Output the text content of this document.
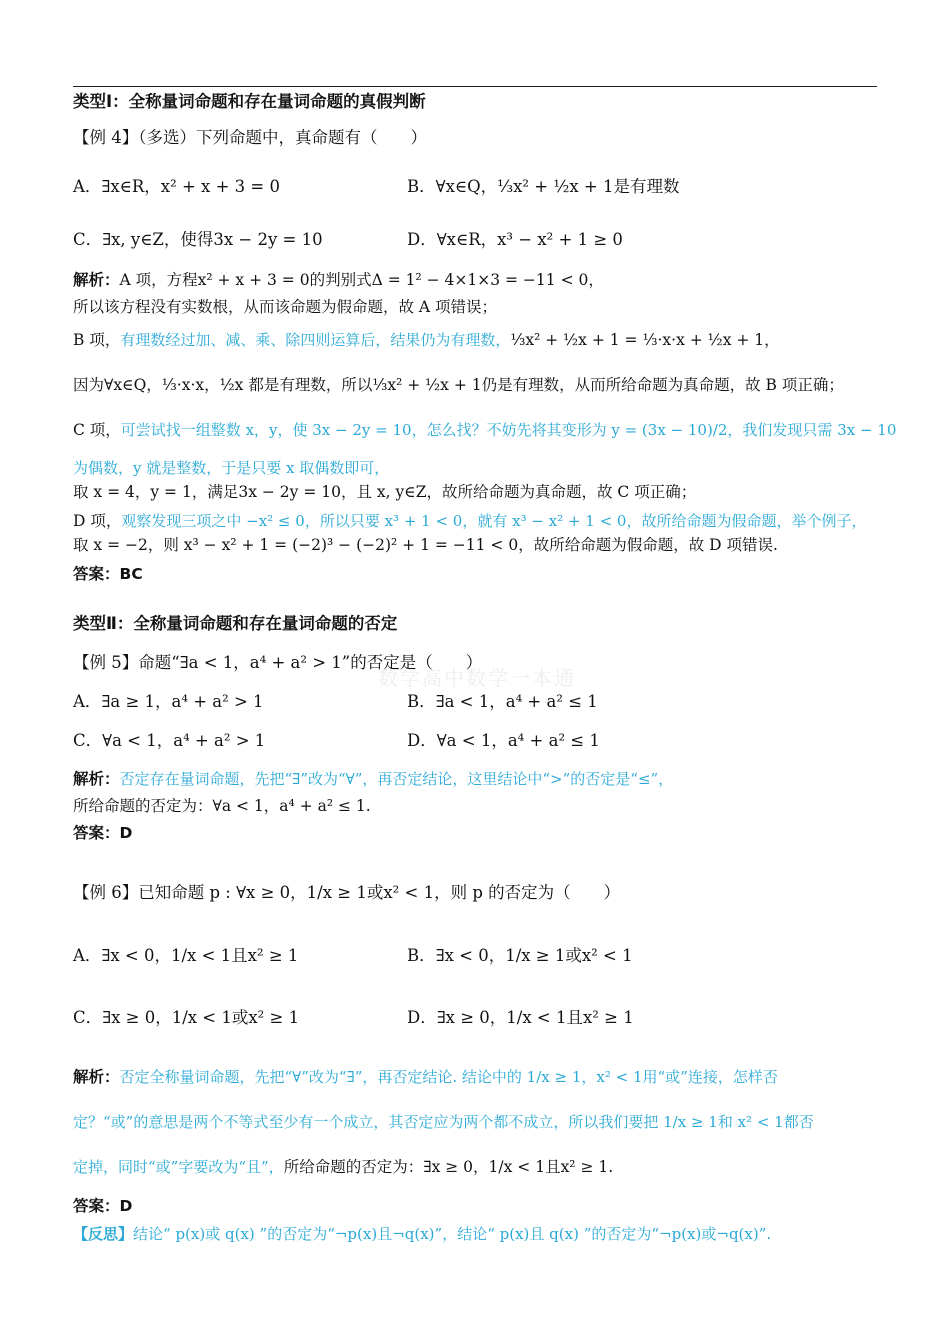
类型Ⅰ：全称量词命题和存在量词命题的真假判断
【例 4】（多选）下列命题中，真命题有（　　）
A．∃x∈R，x² + x + 3 = 0	B．∀x∈Q，⅓x² + ½x + 1是有理数
C．∃x, y∈Z，使得3x − 2y = 10	D．∀x∈R，x³ − x² + 1 ≥ 0
解析：A 项，方程x² + x + 3 = 0的判别式Δ = 1² − 4×1×3 = −11 < 0，
所以该方程没有实数根，从而该命题为假命题，故 A 项错误；
B 项，有理数经过加、减、乘、除四则运算后，结果仍为有理数，⅓x² + ½x + 1 = ⅓·x·x + ½x + 1，
因为∀x∈Q，⅓·x·x，½x 都是有理数，所以⅓x² + ½x + 1仍是有理数，从而所给命题为真命题，故 B 项正确；
C 项，可尝试找一组整数 x，y，使 3x − 2y = 10，怎么找？不妨先将其变形为 y = (3x − 10)/2，我们发现只需 3x − 10
为偶数，y 就是整数，于是只要 x 取偶数即可，
取 x = 4，y = 1，满足3x − 2y = 10，且 x, y∈Z，故所给命题为真命题，故 C 项正确；
D 项，观察发现三项之中 −x² ≤ 0，所以只要 x³ + 1 < 0，就有 x³ − x² + 1 < 0，故所给命题为假命题，举个例子，
取 x = −2，则 x³ − x² + 1 = (−2)³ − (−2)² + 1 = −11 < 0，故所给命题为假命题，故 D 项错误.
答案：BC
类型Ⅱ：全称量词命题和存在量词命题的否定
数学高中数学一本通
【例 5】命题“∃a < 1，a⁴ + a² > 1”的否定是（　　）
A．∃a ≥ 1，a⁴ + a² > 1	B．∃a < 1，a⁴ + a² ≤ 1
C．∀a < 1，a⁴ + a² > 1	D．∀a < 1，a⁴ + a² ≤ 1
解析：否定存在量词命题，先把“∃”改为“∀”，再否定结论，这里结论中“>”的否定是“≤”，
所给命题的否定为：∀a < 1，a⁴ + a² ≤ 1.
答案：D
【例 6】已知命题 p : ∀x ≥ 0，1/x ≥ 1或x² < 1，则 p 的否定为（　　）
A．∃x < 0，1/x < 1且x² ≥ 1	B．∃x < 0，1/x ≥ 1或x² < 1
C．∃x ≥ 0，1/x < 1或x² ≥ 1	D．∃x ≥ 0，1/x < 1且x² ≥ 1
解析：否定全称量词命题，先把“∀”改为“∃”，再否定结论. 结论中的 1/x ≥ 1，x² < 1用“或”连接，怎样否
定？“或”的意思是两个不等式至少有一个成立，其否定应为两个都不成立，所以我们要把 1/x ≥ 1和 x² < 1都否
定掉，同时“或”字要改为“且”，所给命题的否定为：∃x ≥ 0，1/x < 1且x² ≥ 1.
答案：D
【反思】结论“ p(x)或 q(x) ”的否定为“¬p(x)且¬q(x)”，结论“ p(x)且 q(x) ”的否定为“¬p(x)或¬q(x)”.
